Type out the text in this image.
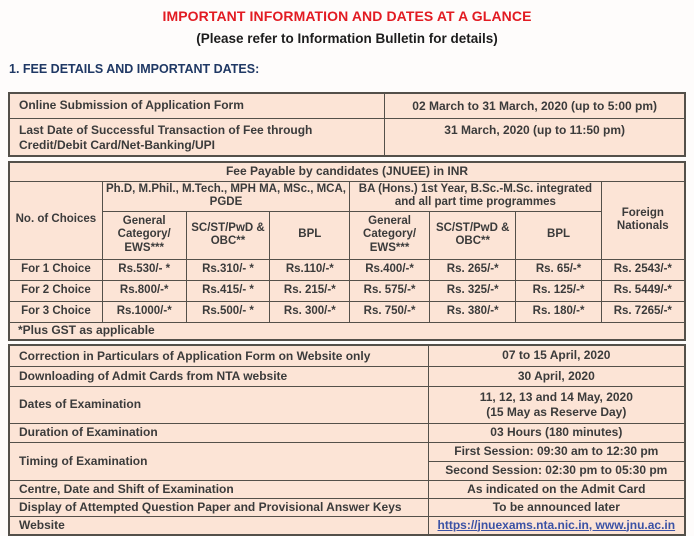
IMPORTANT INFORMATION AND DATES AT A GLANCE
(Please refer to Information Bulletin for details)
1. FEE DETAILS AND IMPORTANT DATES:
Online Submission of Application Form	02 March to 31 March, 2020 (up to 5:00 pm)
Last Date of Successful Transaction of Fee through Credit/Debit Card/Net-Banking/UPI	31 March, 2020 (up to 11:50 pm)
Fee Payable by candidates (JNUEE) in INR							
No. of Choices	Ph.D, M.Phil., M.Tech., MPH MA, MSc., MCA, PGDE			BA (Hons.) 1st Year, B.Sc.-M.Sc. integrated and all part time programmes			Foreign Nationals
	General Category/ EWS***	SC/ST/PwD & OBC**	BPL	General Category/ EWS***	SC/ST/PwD & OBC**	BPL	
For 1 Choice	Rs.530/- *	Rs.310/- *	Rs.110/-*	Rs.400/-*	Rs. 265/-*	Rs. 65/-*	Rs. 2543/-*
For 2 Choice	Rs.800/-*	Rs.415/- *	Rs. 215/-*	Rs. 575/-*	Rs. 325/-*	Rs. 125/-*	Rs. 5449/-*
For 3 Choice	Rs.1000/-*	Rs.500/- *	Rs. 300/-*	Rs. 750/-*	Rs. 380/-*	Rs. 180/-*	Rs. 7265/-*
*Plus GST as applicable							
Correction in Particulars of Application Form on Website only	07 to 15 April, 2020
Downloading of Admit Cards from NTA website	30 April, 2020
Dates of Examination	11, 12, 13 and 14 May, 2020
(15 May as Reserve Day)

Duration of Examination	03 Hours (180 minutes)
Timing of Examination	First Session: 09:30 am to 12:30 pm
	Second Session: 02:30 pm to 05:30 pm
Centre, Date and Shift of Examination	As indicated on the Admit Card
Display of Attempted Question Paper and Provisional Answer Keys	To be announced later
Website	https://jnuexams.nta.nic.in, www.jnu.ac.in
